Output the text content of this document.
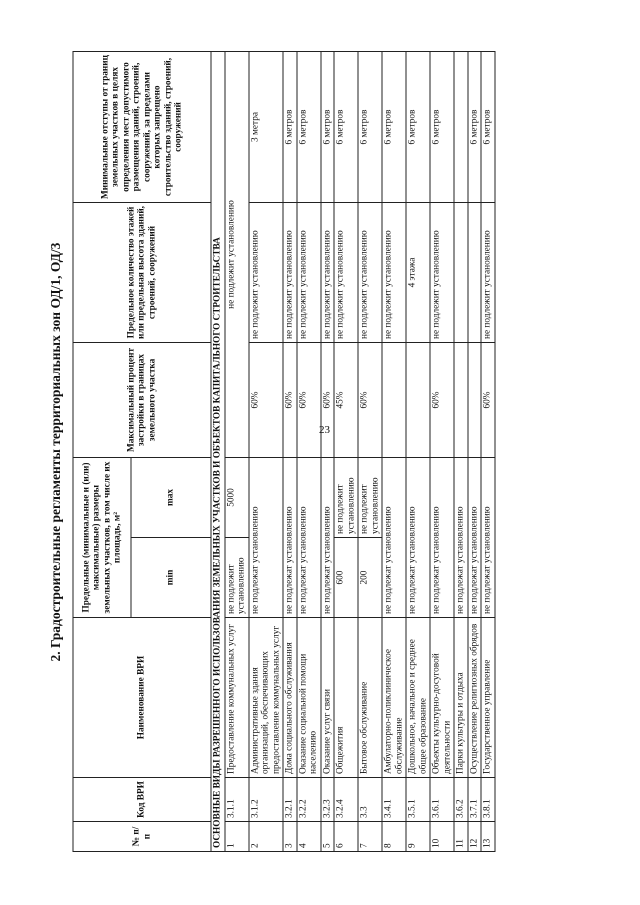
23
2. Градостроительные регламенты территориальных зон ОД/1, ОД/3
№ п/п	Код ВРИ	Наименование ВРИ	Предельные (минимальные и (или) максимальные) размеры земельных участков, в том числе их площадь, м²		Максимальный процент застройки в границах земельного участка	Предельное количество этажей или предельная высота зданий, строений, сооружений	Минимальные отступы от границ земельных участков в целях определения мест допустимого размещения зданий, строений, сооружений, за пределами которых запрещено строительство зданий, строений, сооружений
			min	max			
ОСНОВНЫЕ ВИДЫ РАЗРЕШЕННОГО ИСПОЛЬЗОВАНИЯ ЗЕМЕЛЬНЫХ УЧАСТКОВ И ОБЪЕКТОВ КАПИТАЛЬНОГО СТРОИТЕЛЬСТВА							
1	3.1.1	Предоставление коммунальных услуг	не подлежит установлению	5000	не подлежит установлению		
2	3.1.2	Административные здания организаций, обеспечивающих предоставление коммунальных услуг	не подлежат установлению		60%	не подлежит установлению	3 метра
3	3.2.1	Дома социального обслуживания	не подлежат установлению		60%	не подлежит установлению	6 метров
4	3.2.2	Оказание социальной помощи населению	не подлежат установлению		60%	не подлежит установлению	6 метров
5	3.2.3	Оказание услуг связи	не подлежат установлению		60%	не подлежит установлению	6 метров
6	3.2.4	Общежития	600	не подлежит установлению	45%	не подлежит установлению	6 метров
7	3.3	Бытовое обслуживание	200	не подлежит установлению	60%	не подлежит установлению	6 метров
8	3.4.1	Амбулаторно-поликлиническое обслуживание	не подлежат установлению			не подлежит установлению	6 метров
9	3.5.1	Дошкольное, начальное и среднее общее образование	не подлежат установлению			4 этажа	6 метров
10	3.6.1	Объекты культурно-досуговой деятельности	не подлежат установлению		60%	не подлежит установлению	6 метров
11	3.6.2	Парки культуры и отдыха	не подлежат установлению				
12	3.7.1	Осуществление религиозных обрядов	не подлежат установлению				6 метров
13	3.8.1	Государственное управление	не подлежат установлению		60%	не подлежит установлению	6 метров
